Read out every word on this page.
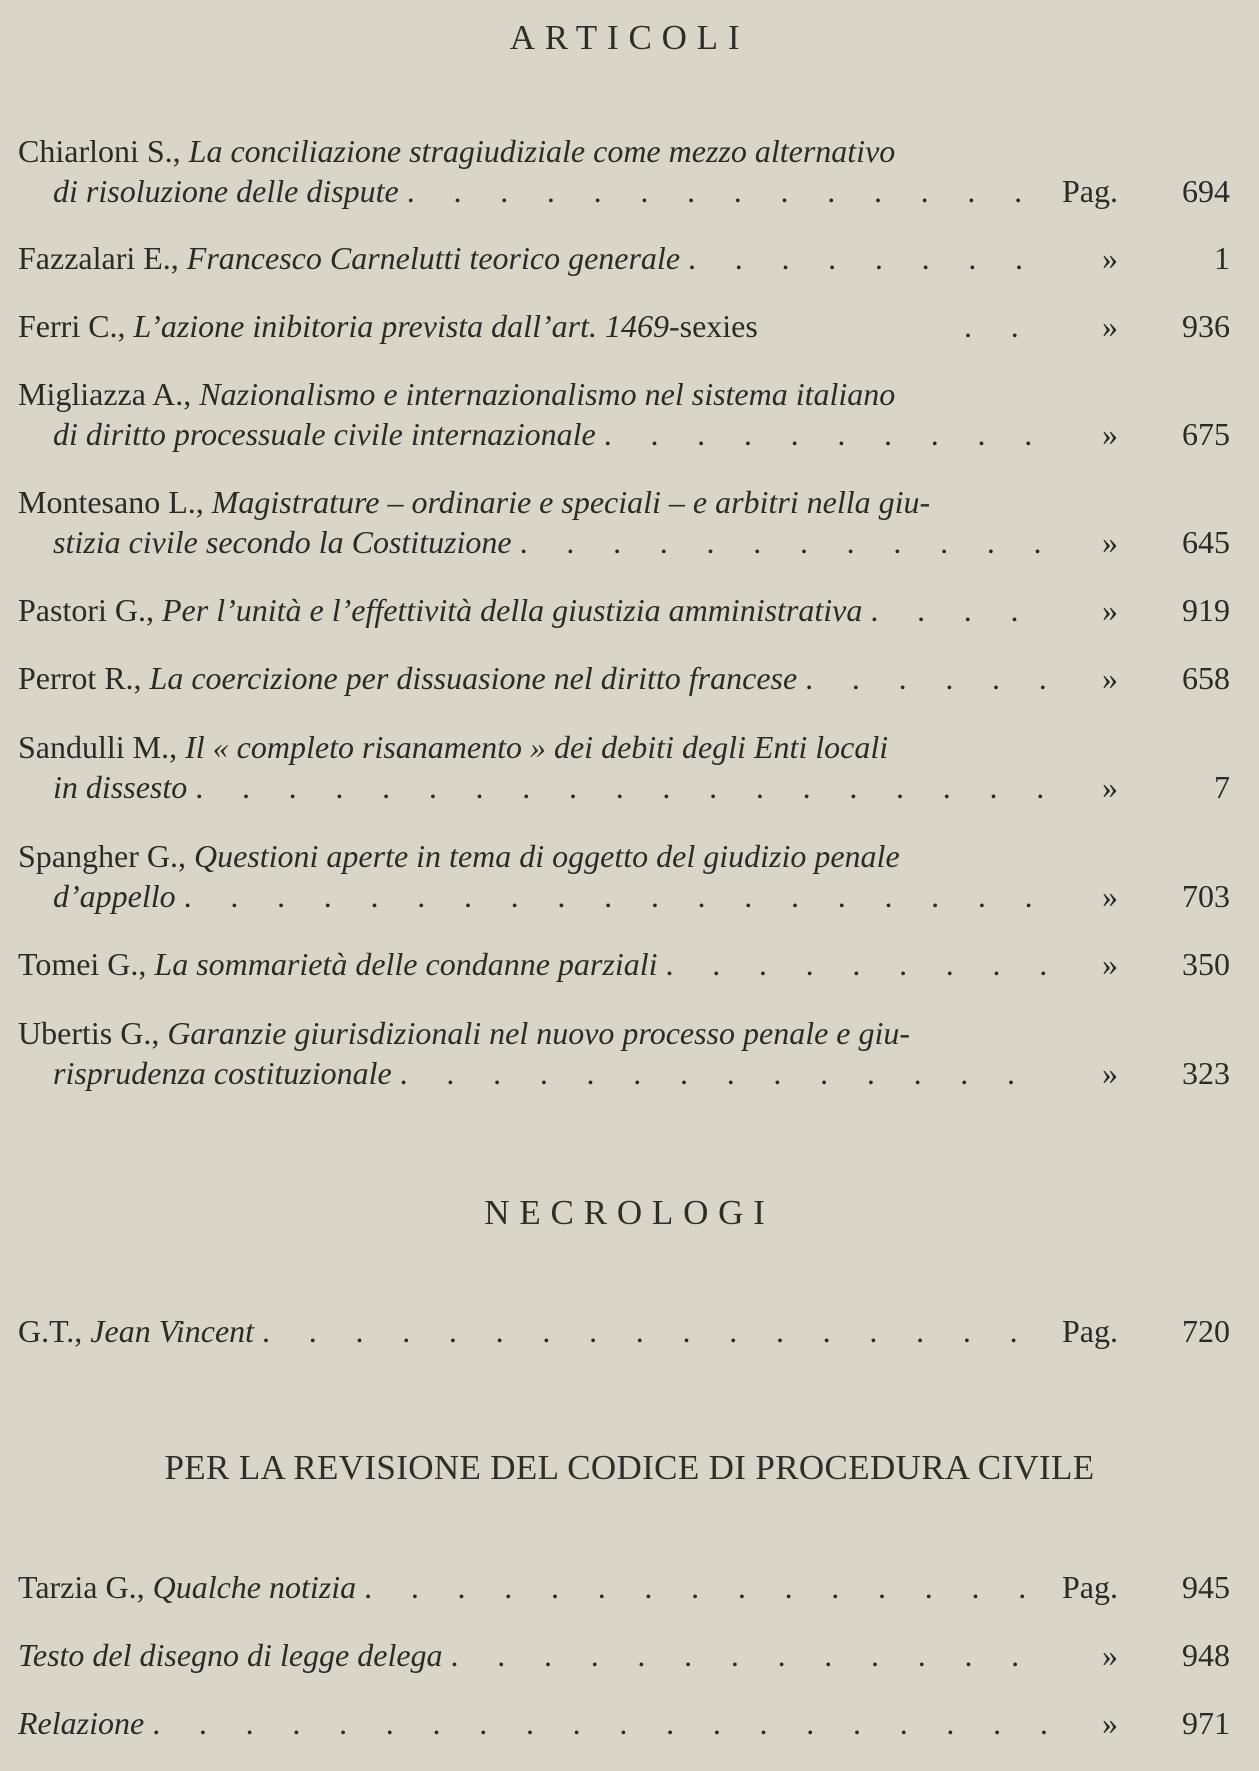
ARTICOLI
Chiarloni S.,
La conciliazione stragiudiziale come mezzo alternativo
di risoluzione delle dispute . . .	Pag.	694
Fazzalari E.,
Francesco Carnelutti teorico generale . . .	»	1
Ferri C.,
L’azione inibitoria prevista dall’art. 1469- sexies . . .	»	936
Migliazza A.,
Nazionalismo e internazionalismo nel sistema italiano
di diritto processuale civile internazionale . . .	»	675
Montesano L.,
Magistrature – ordinarie e speciali – e arbitri nella giu-
stizia civile secondo la Costituzione . . .	»	645
Pastori G.,
Per l’unità e l’effettività della giustizia amministrativa . . .	»	919
Perrot R.,
La coercizione per dissuasione nel diritto francese . . .	»	658
Sandulli M.,
Il « completo risanamento » dei debiti degli Enti locali
in dissesto . . .	»	7
Spangher G.,
Questioni aperte in tema di oggetto del giudizio penale
d’appello . . .	»	703
Tomei G.,
La sommarietà delle condanne parziali . . .	»	350
Ubertis G.,
Garanzie giurisdizionali nel nuovo processo penale e giu-
risprudenza costituzionale . . .	»	323
NECROLOGI
G.T.,
Jean Vincent . . .	Pag.	720
PER LA REVISIONE DEL CODICE DI PROCEDURA CIVILE
Tarzia G.,
Qualche notizia . . .	Pag.	945
Testo del disegno di legge delega . . .	»	948
Relazione . . .	»	971
